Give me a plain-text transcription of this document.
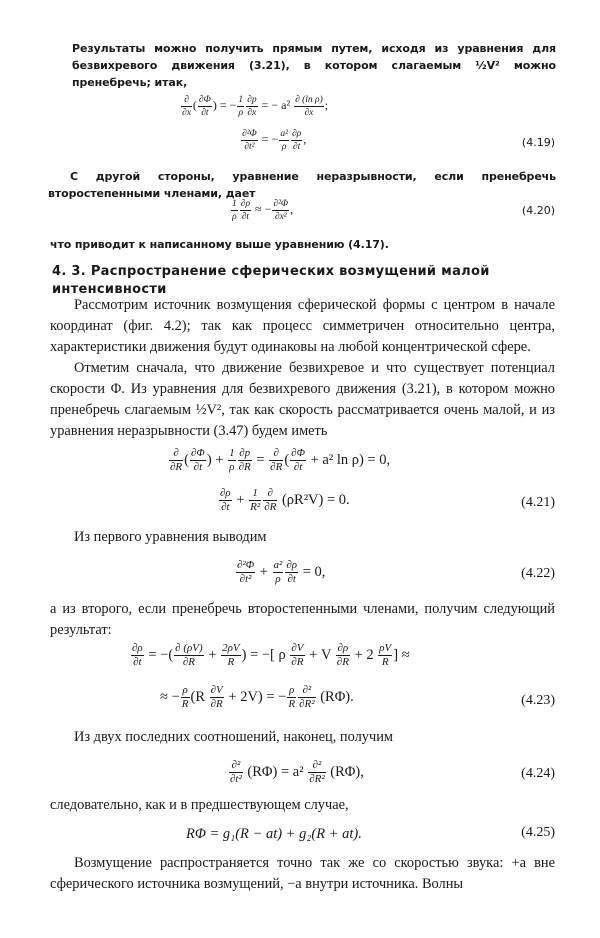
Результаты можно получить прямым путем, исходя из уравнения для безвихревого движения (3.21), в котором слагаемым ½V² можно пренебречь; итак,
$\frac{\partial}{\partial x}$ ( $\frac{\partial\Phi}{\partial t}$ ) = − $\frac{1}{\rho} \frac{\partial p}{\partial x}$ = − $a^2 \frac{\text{∂ (ln ρ)}}{\partial x}$ ;
$\frac{\text{∂²Φ}}{\text{∂t²}}$ = − $\frac{\text{a²}}{\rho} \frac{\partial\rho}{\partial t}$ ,	(4.19)
С другой стороны, уравнение неразрывности, если пренебречь второстепенными членами, дает
$\frac{1}{\rho} \frac{\partial\rho}{\partial t}$ ≈ − $\frac{\text{∂²Φ}}{\text{∂x²}}$ ,	(4.20)
что приводит к написанному выше уравнению (4.17).
4. 3. Распространение сферических возмущений малой интенсивности
Рассмотрим источник возмущения сферической формы с центром в начале координат (фиг. 4.2); так как процесс симметричен относительно центра, характеристики движения будут одинаковы на любой концентрической сфере.
Отметим сначала, что движение безвихревое и что существует потенциал скорости Φ. Из уравнения для безвихревого движения (3.21), в котором можно пренебречь слагаемым ½V², так как скорость рассматривается очень малой, и из уравнения неразрывности (3.47) будем иметь
$\frac{\partial}{\partial R}$ ( $\frac{\partial\Phi}{\partial t}$ ) + $\frac{1}{\rho} \frac{\partial p}{\partial R} = \frac{\partial}{\partial R}$ ( $\frac{\partial\Phi}{\partial t} + a^2$ ln ρ) = 0,
$\frac{\partial\rho}{\partial t} + \frac{1}{\text{R²}} \frac{\partial}{\partial R} (\rho R^2V) = 0$.	(4.21)
Из первого уравнения выводим
$\frac{\text{∂²Φ}}{\text{∂t²}} + \frac{\text{a²}}{\rho} \frac{\partial\rho}{\partial t} = 0$,	(4.22)
а из второго, если пренебречь второстепенными членами, получим следующий результат:
$\frac{\partial\rho}{\partial t}$ = −( $\frac{\partial (\rho V)}{\partial R} + \frac{2\rho V}{R}$ ) = −[ ρ $\frac{\partial V}{\partial R} + V \frac{\partial\rho}{\partial R} + 2 \frac{\rho V}{R}$ ] ≈
≈ − $\frac{\rho}{R} (R \frac{\partial V}{\partial R} + 2V)$ = − $\frac{\rho}{R} \frac{\text{∂²}}{\text{∂R²}} (R\Phi)$.	(4.23)
Из двух последних соотношений, наконец, получим
$\frac{\text{∂²}}{\text{∂t²}} (R\Phi) = a^2 \frac{\text{∂²}}{\text{∂R²}} (R\Phi)$,	(4.24)
следовательно, как и в предшествующем случае,
RΦ = g₁(R − at) + g₂(R + at).	(4.25)
Возмущение распространяется точно так же со скоростью звука: +a вне сферического источника возмущений, −a внутри источника. Волны
